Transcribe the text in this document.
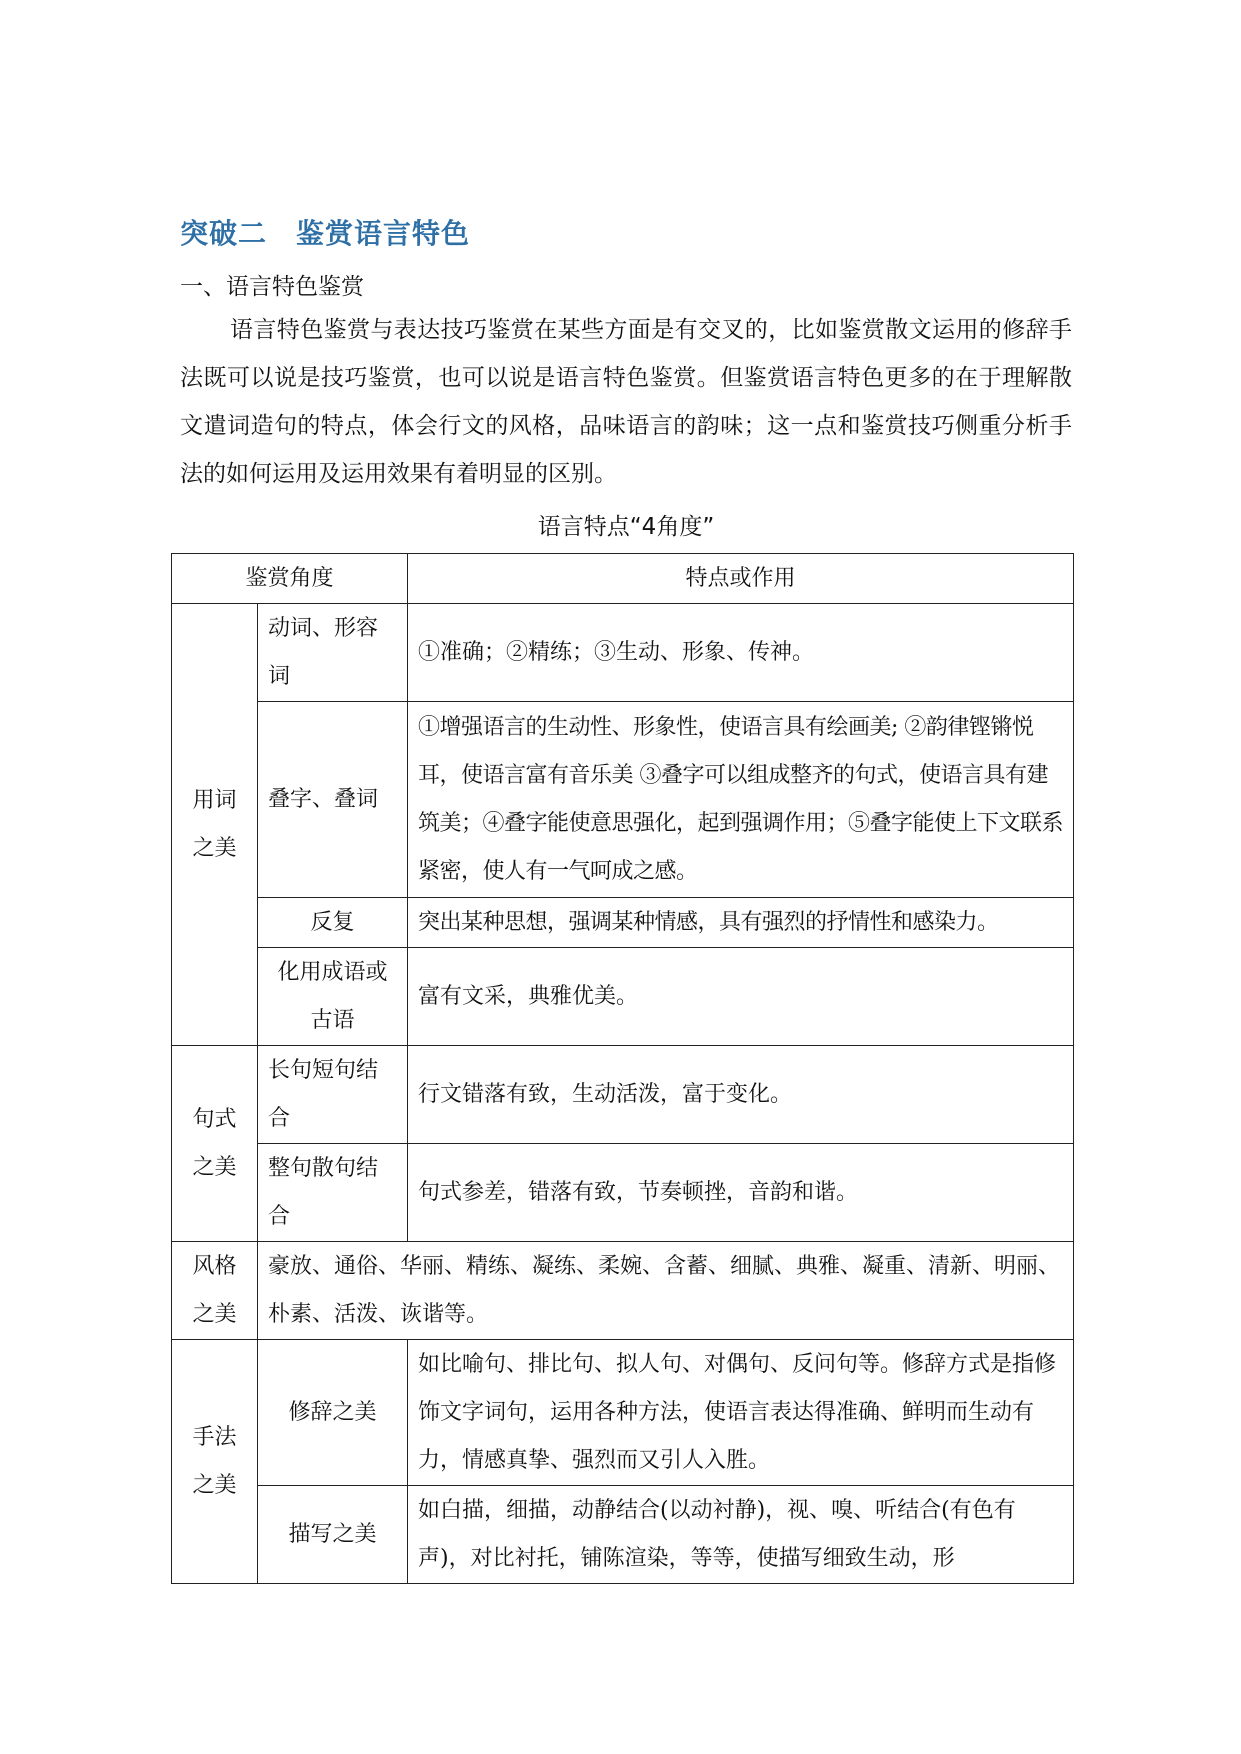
突破二　鉴赏语言特色
一、语言特色鉴赏
语言特色鉴赏与表达技巧鉴赏在某些方面是有交叉的，比如鉴赏散文运用的修辞手法既可以说是技巧鉴赏，也可以说是语言特色鉴赏。但鉴赏语言特色更多的在于理解散文遣词造句的特点，体会行文的风格，品味语言的韵味；这一点和鉴赏技巧侧重分析手法的如何运用及运用效果有着明显的区别。
语言特点“4角度”
鉴赏角度		特点或作用
用词之美	动词、形容词	①准确；②精练；③生动、形象、传神。
	叠字、叠词	①增强语言的生动性、形象性，使语言具有绘画美; ②韵律铿锵悦耳，使语言富有音乐美 ③叠字可以组成整齐的句式，使语言具有建筑美；④叠字能使意思强化，起到强调作用；⑤叠字能使上下文联系紧密，使人有一气呵成之感。
	反复	突出某种思想，强调某种情感，具有强烈的抒情性和感染力。
	化用成语或古语	富有文采，典雅优美。
句式之美	长句短句结合	行文错落有致，生动活泼，富于变化。
	整句散句结合	句式参差，错落有致，节奏顿挫，音韵和谐。
风格之美	豪放、通俗、华丽、精练、凝练、柔婉、含蓄、细腻、典雅、凝重、清新、明丽、朴素、活泼、诙谐等。	
手法之美	修辞之美	如比喻句、排比句、拟人句、对偶句、反问句等。修辞方式是指修饰文字词句，运用各种方法，使语言表达得准确、鲜明而生动有力，情感真挚、强烈而又引人入胜。
	描写之美	如白描，细描，动静结合(以动衬静)，视、嗅、听结合(有色有声)，对比衬托，铺陈渲染，等等，使描写细致生动，形
